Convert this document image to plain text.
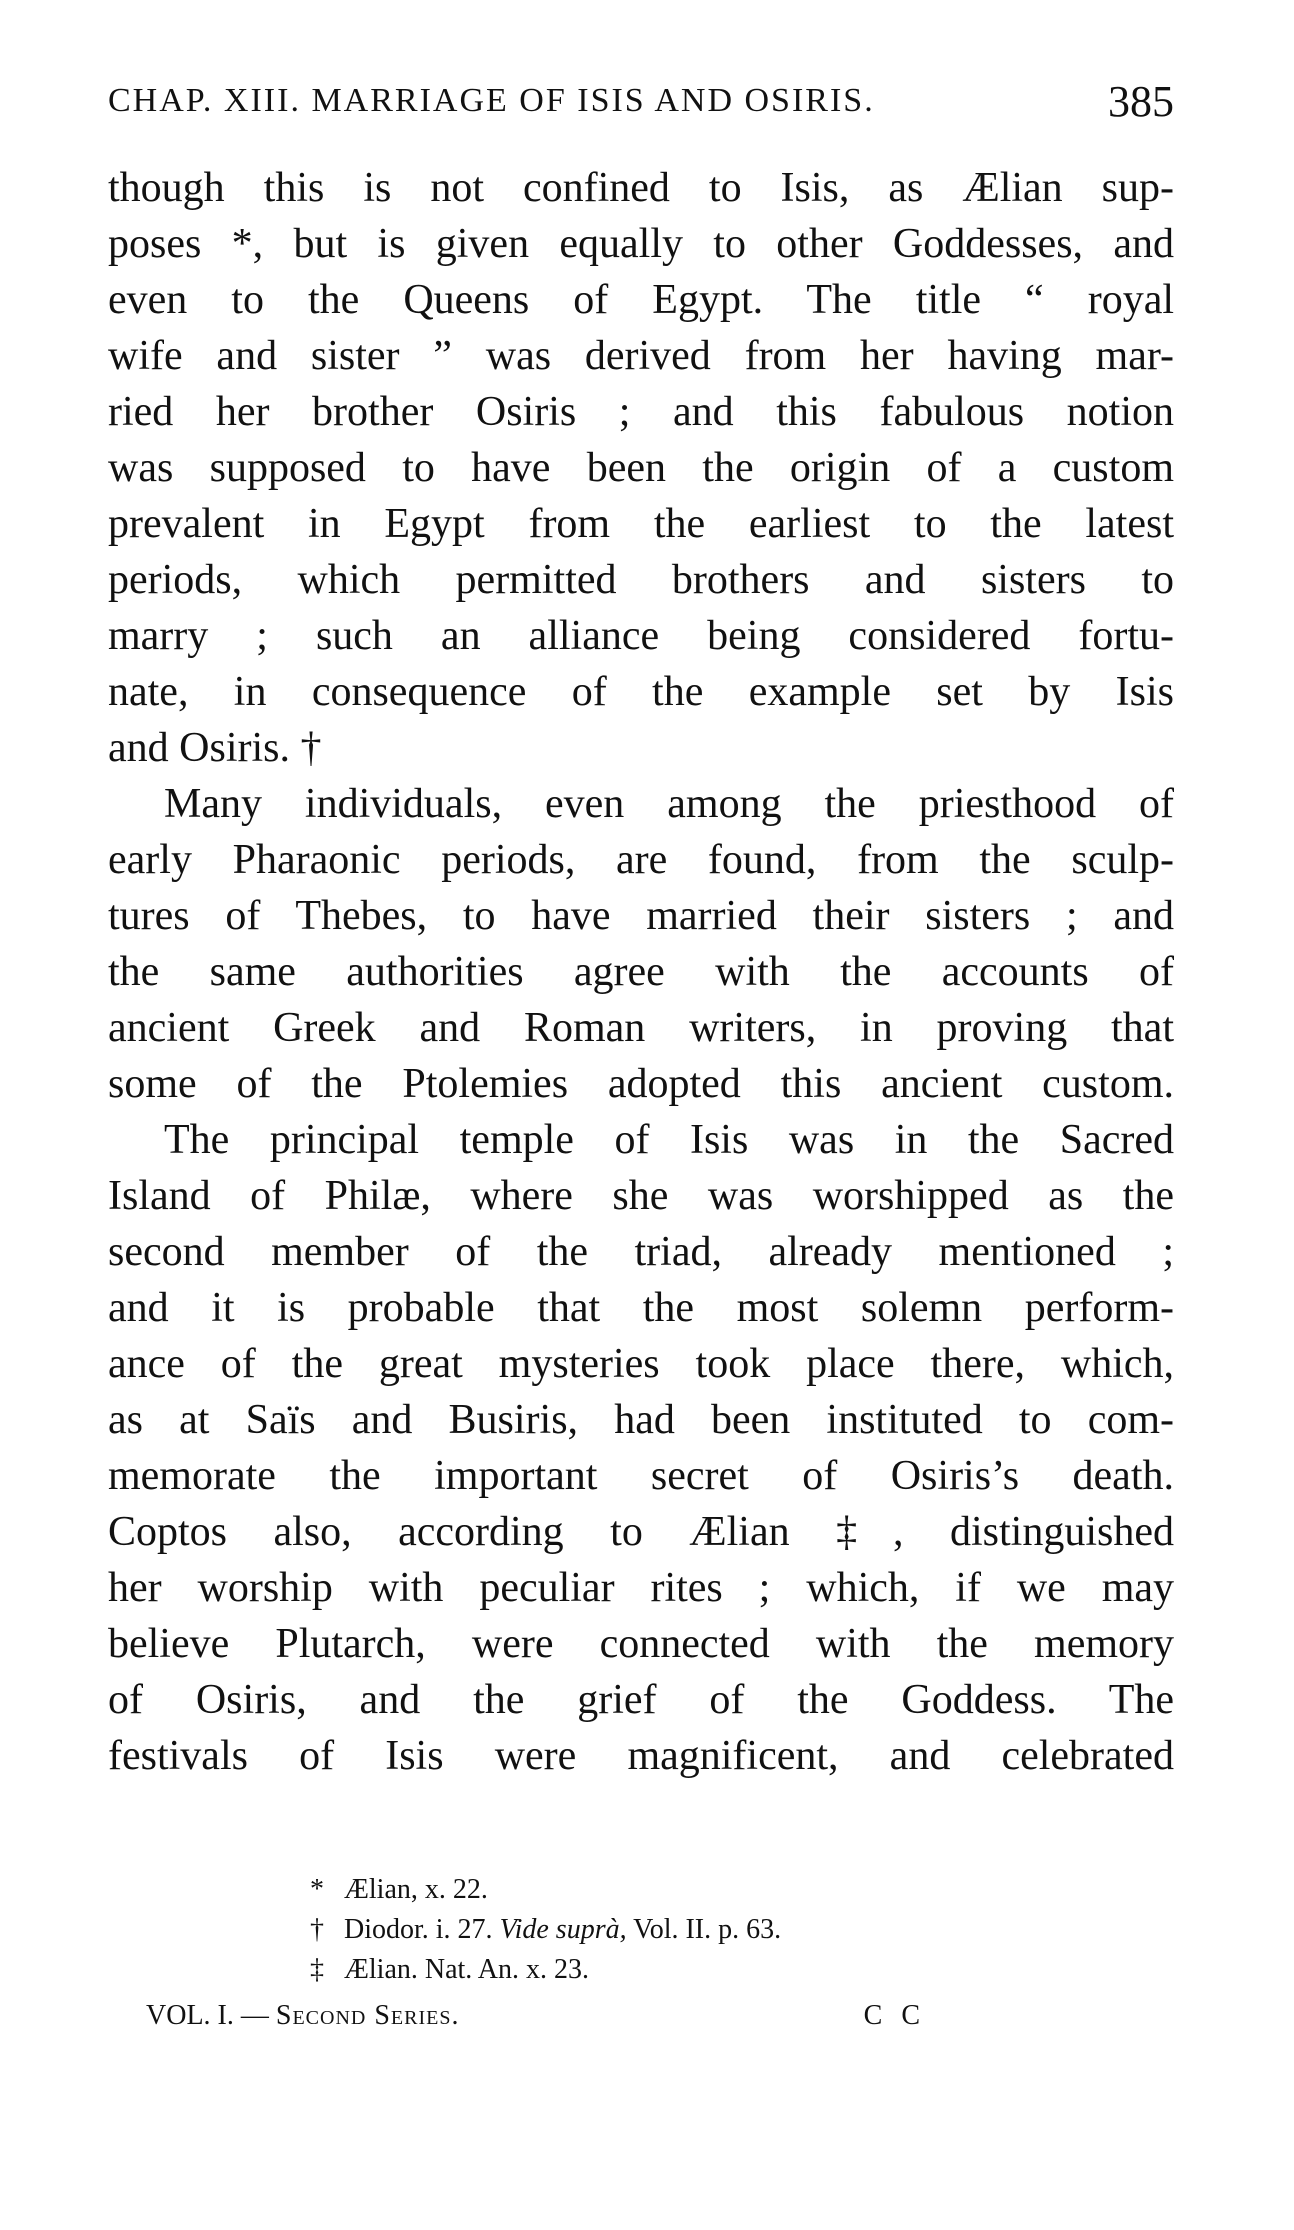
CHAP. XIII. MARRIAGE OF ISIS AND OSIRIS.	385
though this is not confined to Isis, as Ælian sup-
poses *, but is given equally to other Goddesses, and
even to the Queens of Egypt. The title “ royal
wife and sister ” was derived from her having mar-
ried her brother Osiris ; and this fabulous notion
was supposed to have been the origin of a custom
prevalent in Egypt from the earliest to the latest
periods, which permitted brothers and sisters to
marry ; such an alliance being considered fortu-
nate, in consequence of the example set by Isis
and Osiris. †
Many individuals, even among the priesthood of
early Pharaonic periods, are found, from the sculp-
tures of Thebes, to have married their sisters ; and
the same authorities agree with the accounts of
ancient Greek and Roman writers, in proving that
some of the Ptolemies adopted this ancient custom.
The principal temple of Isis was in the Sacred
Island of Philæ, where she was worshipped as the
second member of the triad, already mentioned ;
and it is probable that the most solemn perform-
ance of the great mysteries took place there, which,
as at Saïs and Busiris, had been instituted to com-
memorate the important secret of Osiris’s death.
Coptos also, according to Ælian ‡, distinguished
her worship with peculiar rites ; which, if we may
believe Plutarch, were connected with the memory
of Osiris, and the grief of the Goddess. The
festivals of Isis were magnificent, and celebrated
* Ælian, x. 22.
† Diodor. i. 27. Vide suprà, Vol. II. p. 63.
‡ Ælian. Nat. An. x. 23.
VOL. I. — Second Series.	C C
